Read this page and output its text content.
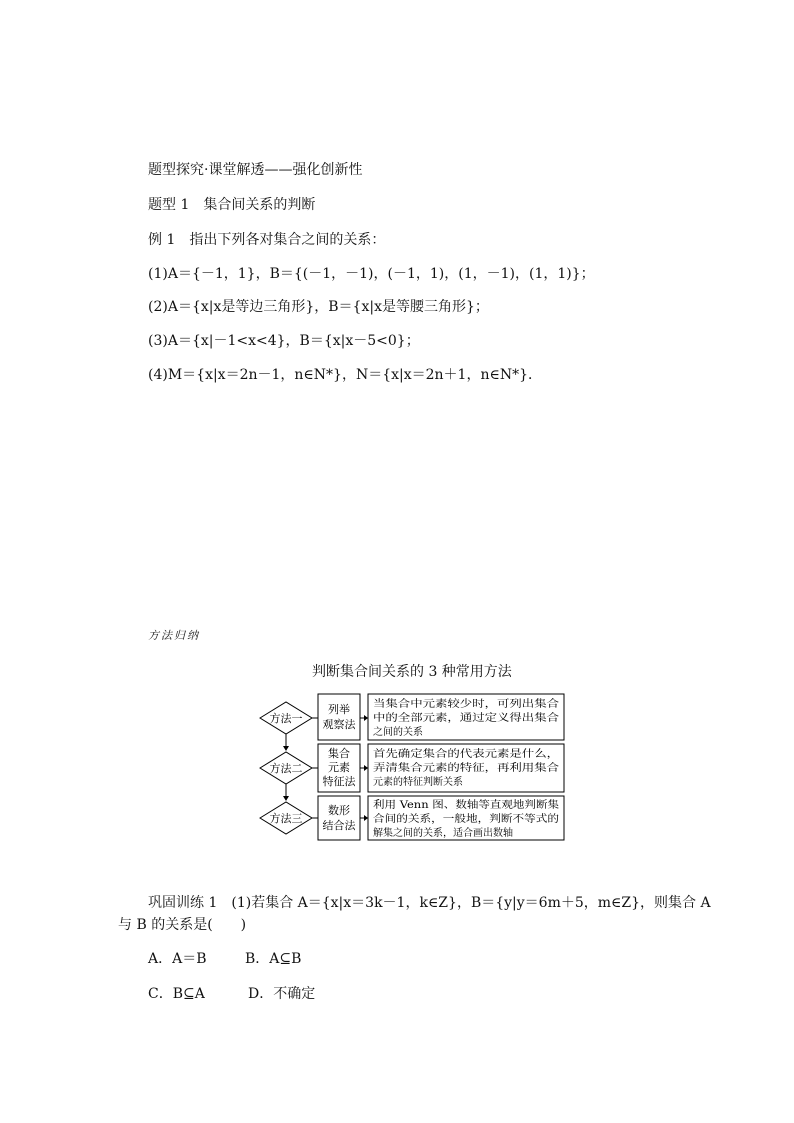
题型探究·课堂解透——强化创新性
题型 1　集合间关系的判断
例 1　指出下列各对集合之间的关系：
(1)A＝{－1，1}，B＝{(－1，－1)，(－1，1)，(1，－1)，(1，1)}；
(2)A＝{x|x是等边三角形}，B＝{x|x是等腰三角形}；
(3)A＝{x|－1<x<4}，B＝{x|x－5<0}；
(4)M＝{x|x＝2n－1，n∈N*}，N＝{x|x＝2n＋1，n∈N*}．
方法归纳
判断集合间关系的 3 种常用方法
方法一
方法二
方法三
列举
观察法
集合
元素
特征法
数形
结合法
当集合中元素较少时，可列出集合
中的全部元素，通过定义得出集合
之间的关系
首先确定集合的代表元素是什么，
弄清集合元素的特征，再利用集合
元素的特征判断关系
利用 Venn 图、数轴等直观地判断集
合间的关系，一般地，判断不等式的
解集之间的关系，适合画出数轴
巩固训练 1　(1)若集合 A＝{x|x＝3k－1，k∈Z}，B＝{y|y＝6m＋5，m∈Z}，则集合 A
与 B 的关系是(　　)
A．A＝B	B．A⊆B
C．B⊆A	D．不确定
